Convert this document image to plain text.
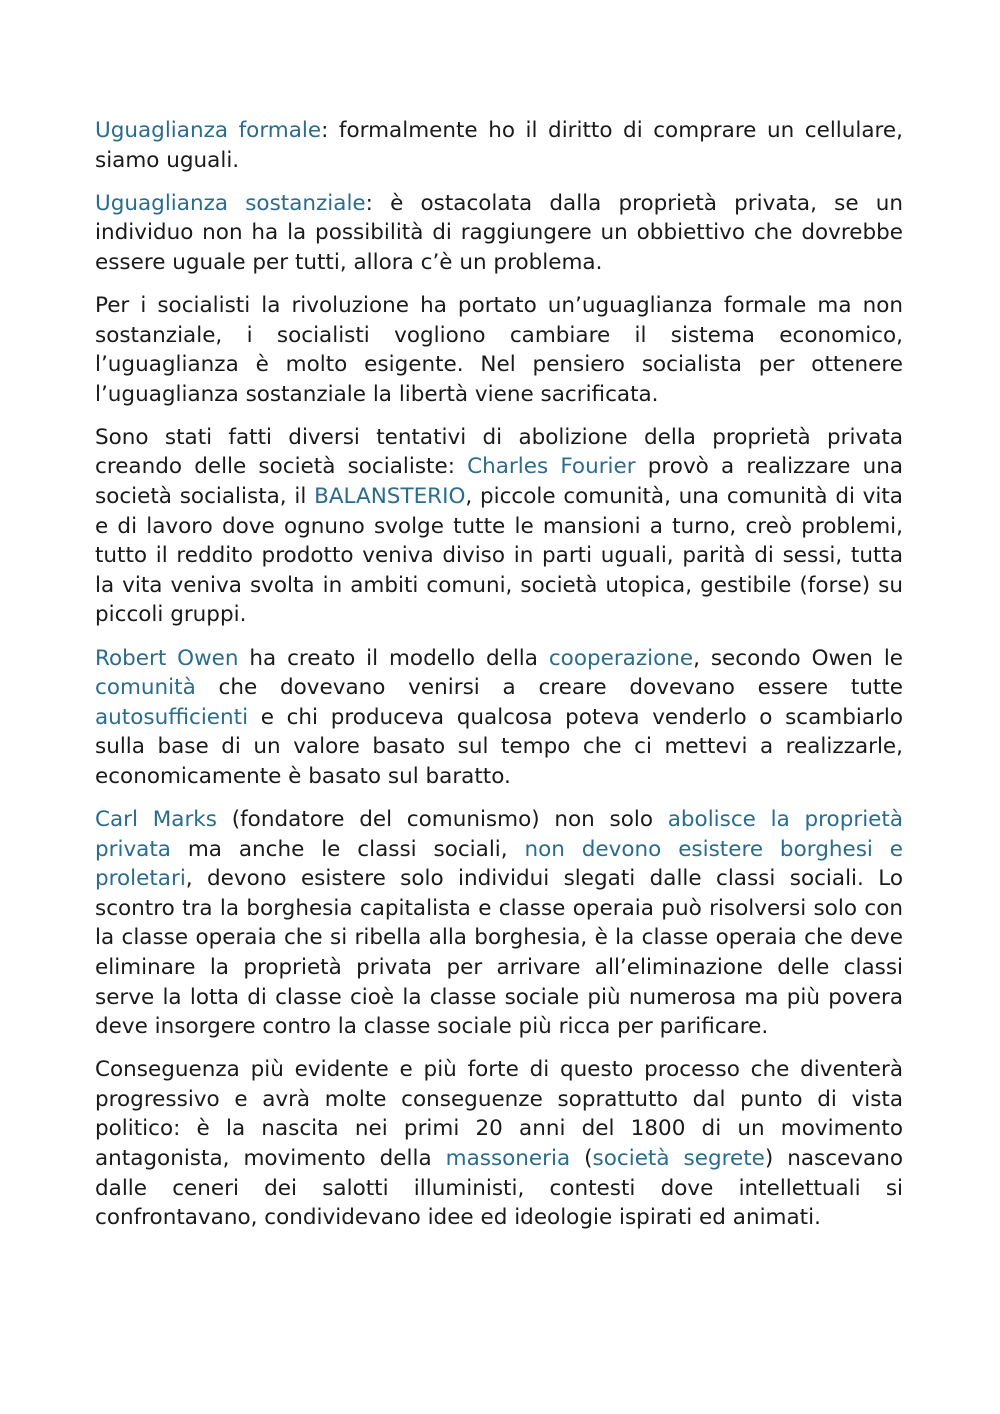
Uguaglianza formale: formalmente ho il diritto di comprare un cellulare, siamo uguali.

Uguaglianza sostanziale: è ostacolata dalla proprietà privata, se un individuo non ha la possibilità di raggiungere un obbiettivo che dovrebbe essere uguale per tutti, allora c’è un problema.

Per i socialisti la rivoluzione ha portato un’uguaglianza formale ma non sostanziale, i socialisti vogliono cambiare il sistema economico, l’uguaglianza è molto esigente. Nel pensiero socialista per ottenere l’uguaglianza sostanziale la libertà viene sacrificata.

Sono stati fatti diversi tentativi di abolizione della proprietà privata creando delle società socialiste: Charles Fourier provò a realizzare una società socialista, il BALANSTERIO, piccole comunità, una comunità di vita e di lavoro dove ognuno svolge tutte le mansioni a turno, creò problemi, tutto il reddito prodotto veniva diviso in parti uguali, parità di sessi, tutta la vita veniva svolta in ambiti comuni, società utopica, gestibile (forse) su piccoli gruppi.

Robert Owen ha creato il modello della cooperazione, secondo Owen le comunità che dovevano venirsi a creare dovevano essere tutte autosufficienti e chi produceva qualcosa poteva venderlo o scambiarlo sulla base di un valore basato sul tempo che ci mettevi a realizzarle, economicamente è basato sul baratto.

Carl Marks (fondatore del comunismo) non solo abolisce la proprietà privata ma anche le classi sociali, non devono esistere borghesi e proletari, devono esistere solo individui slegati dalle classi sociali. Lo scontro tra la borghesia capitalista e classe operaia può risolversi solo con la classe operaia che si ribella alla borghesia, è la classe operaia che deve eliminare la proprietà privata per arrivare all’eliminazione delle classi serve la lotta di classe cioè la classe sociale più numerosa ma più povera deve insorgere contro la classe sociale più ricca per parificare.

Conseguenza più evidente e più forte di questo processo che diventerà progressivo e avrà molte conseguenze soprattutto dal punto di vista politico: è la nascita nei primi 20 anni del 1800 di un movimento antagonista, movimento della massoneria (società segrete) nascevano dalle ceneri dei salotti illuministi, contesti dove intellettuali si confrontavano, condividevano idee ed ideologie ispirati ed animati.
